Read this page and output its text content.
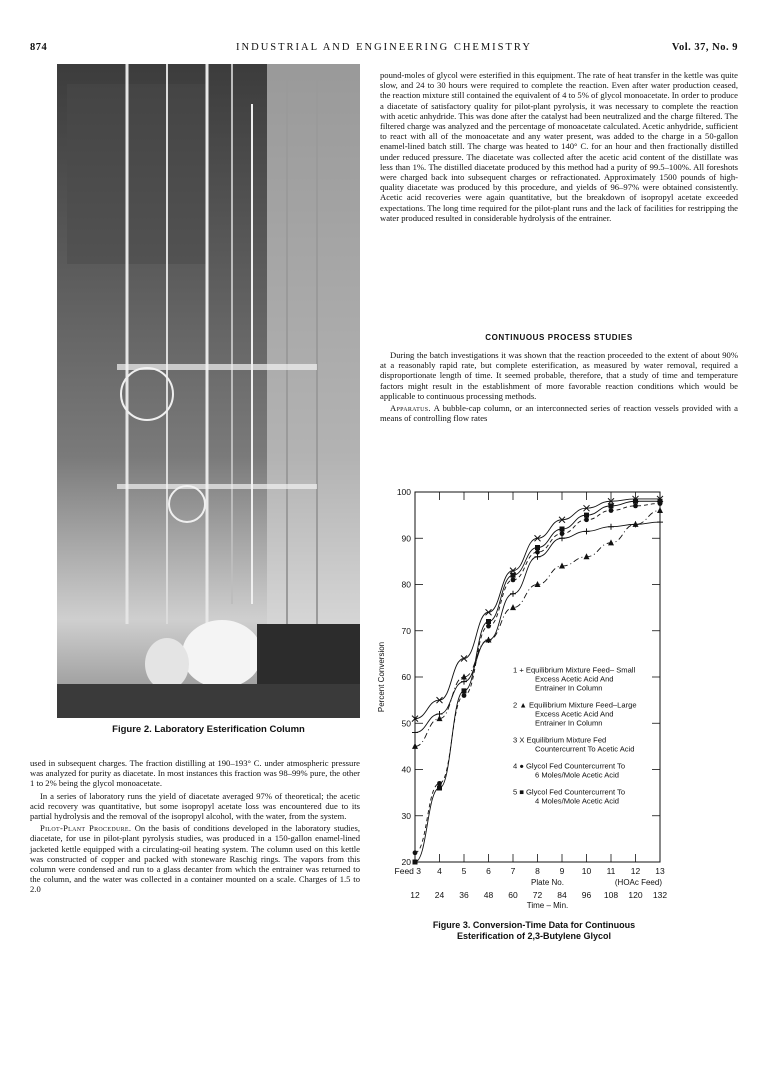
874	INDUSTRIAL AND ENGINEERING CHEMISTRY	Vol. 37, No. 9
Figure 2. Laboratory Esterification Column

used in subsequent charges. The fraction distilling at 190–193° C. under atmospheric pressure was analyzed for purity as diacetate. In most instances this fraction was 98–99% pure, the other 1 to 2% being the glycol monoacetate.

In a series of laboratory runs the yield of diacetate averaged 97% of theoretical; the acetic acid recovery was quantitative, but some isopropyl acetate loss was encountered due to its partial hydrolysis and the removal of the isopropyl alcohol, with the water, from the system.

Pilot-Plant Procedure. On the basis of conditions developed in the laboratory studies, diacetate, for use in pilot-plant pyrolysis studies, was produced in a 150-gallon enamel-lined jacketed kettle equipped with a circulating-oil heating system. The column used on this kettle was constructed of copper and packed with stoneware Raschig rings. The vapors from this column were condensed and run to a glass decanter from which the entrainer was returned to the column, and the water was collected in a container mounted on a scale. Charges of 1.5 to 2.0

pound-moles of glycol were esterified in this equipment. The rate of heat transfer in the kettle was quite slow, and 24 to 30 hours were required to complete the reaction. Even after water production ceased, the reaction mixture still contained the equivalent of 4 to 5% of glycol monoacetate. In order to produce a diacetate of satisfactory quality for pilot-plant pyrolysis, it was necessary to complete the reaction with acetic anhydride. This was done after the catalyst had been neutralized and the charge filtered. The filtered charge was analyzed and the percentage of monoacetate calculated. Acetic anhydride, sufficient to react with all of the monoacetate and any water present, was added to the charge in a 50-gallon enamel-lined batch still. The charge was heated to 140° C. for an hour and then fractionally distilled under reduced pressure. The diacetate was collected after the acetic acid content of the distillate was less than 1%. The distilled diacetate produced by this method had a purity of 99.5–100%. All foreshots were charged back into subsequent charges or refractionated. Approximately 1500 pounds of high-quality diacetate was produced by this procedure, and yields of 96–97% were obtained consistently. Acetic acid recoveries were again quantitative, but the breakdown of isopropyl acetate exceeded expectations. The long time required for the pilot-plant runs and the lack of facilities for restripping the water produced resulted in considerable hydrolysis of the entrainer.

CONTINUOUS PROCESS STUDIES

During the batch investigations it was shown that the reaction proceeded to the extent of about 90% at a reasonably rapid rate, but complete esterification, as measured by water removal, required a disproportionate length of time. It seemed probable, therefore, that a study of time and temperature factors might result in the establishment of more favorable reaction conditions which would be applicable to continuous processing methods.

Apparatus. A bubble-cap column, or an interconnected series of reaction vessels provided with a means of controlling flow rates

20
30
40
50
60
70
80
90
100
Percent Conversion
Feed 3 4 5 6 7 8 9 10 11 12 13
Plate No.	(HOAc Feed)
12 24 36 48 60 72 84 96 108 120 132
Time – Min.
1 + Equilibrium Mixture Feed– Small
Excess Acetic Acid And
Entrainer In Column
2 ▲ Equilibrium Mixture Feed–Large
Excess Acetic Acid And
Entrainer In Column
3 X Equilibrium Mixture Fed
Countercurrent To Acetic Acid
4 ● Glycol Fed Countercurrent To
6 Moles/Mole Acetic Acid
5 ■ Glycol Fed Countercurrent To
4 Moles/Mole Acetic Acid
Figure 3. Conversion-Time Data for Continuous
Esterification of 2,3-Butylene Glycol
